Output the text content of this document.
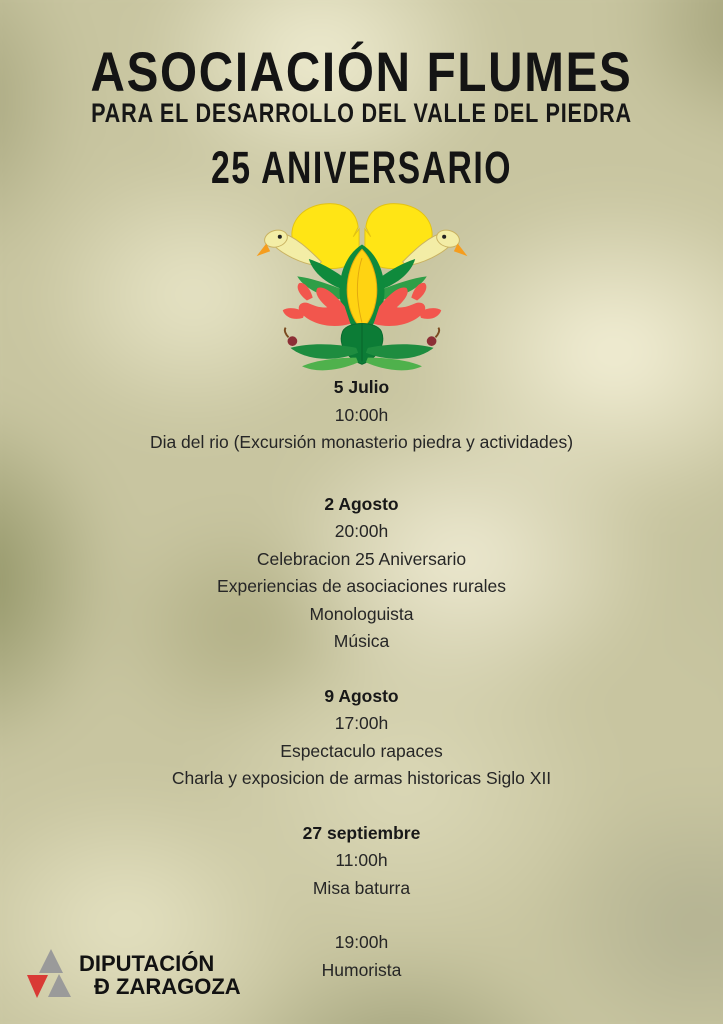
ASOCIACIÓN FLUMES
PARA EL DESARROLLO DEL VALLE DEL PIEDRA
25 ANIVERSARIO
5 Julio
10:00h
Dia del rio (Excursión monasterio piedra y actividades)
2 Agosto
20:00h
Celebracion 25 Aniversario
Experiencias de asociaciones rurales
Monologuista
Música
9 Agosto
17:00h
Espectaculo rapaces
Charla y exposicion de armas historicas Siglo XII
27 septiembre
11:00h
Misa baturra
19:00h
Humorista
DIPUTACIÓN
Đ ZARAGOZA
